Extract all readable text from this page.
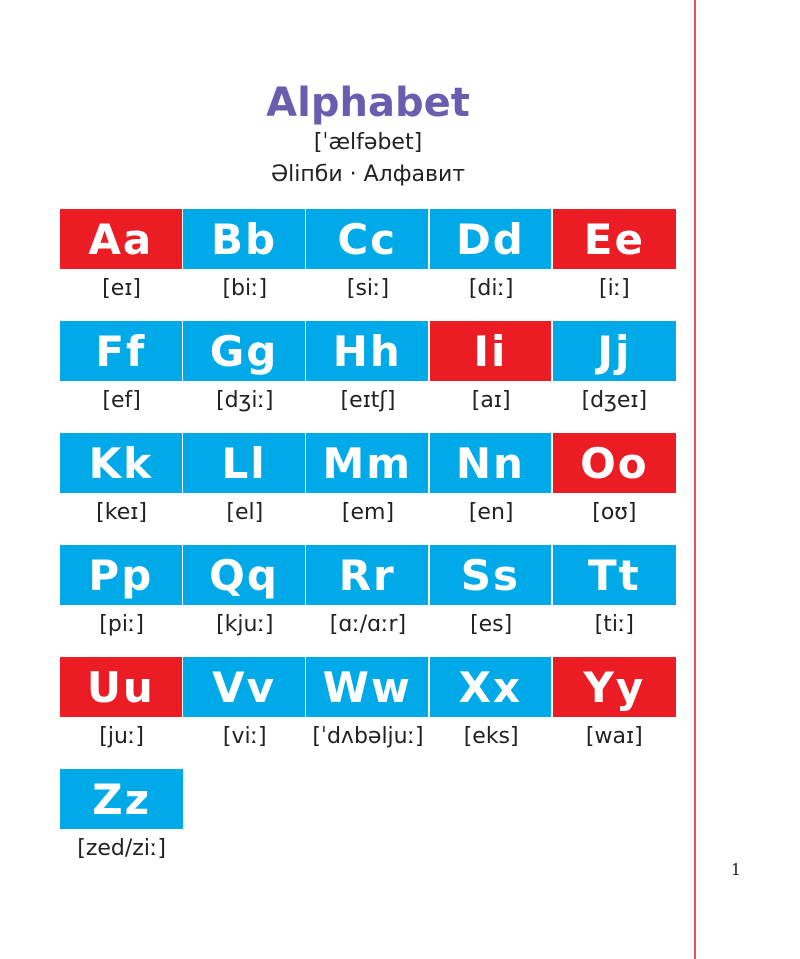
Alphabet
[ˈælfəbet]
Əlіпби · Алфавит
Aa
[eɪ]
Bb
[biː]
Cc
[siː]
Dd
[diː]
Ee
[iː]
Ff
[ef]
Gg
[dʒiː]
Hh
[eɪtʃ]
Ii
[aɪ]
Jj
[dʒeɪ]
Kk
[keɪ]
Ll
[el]
Mm
[em]
Nn
[en]
Oo
[oʊ]
Pp
[piː]
Qq
[kjuː]
Rr
[ɑː/ɑːr]
Ss
[es]
Tt
[tiː]
Uu
[juː]
Vv
[viː]
Ww
[ˈdʌbəljuː]
Xx
[eks]
Yy
[waɪ]
Zz
[zed/ziː]
1
